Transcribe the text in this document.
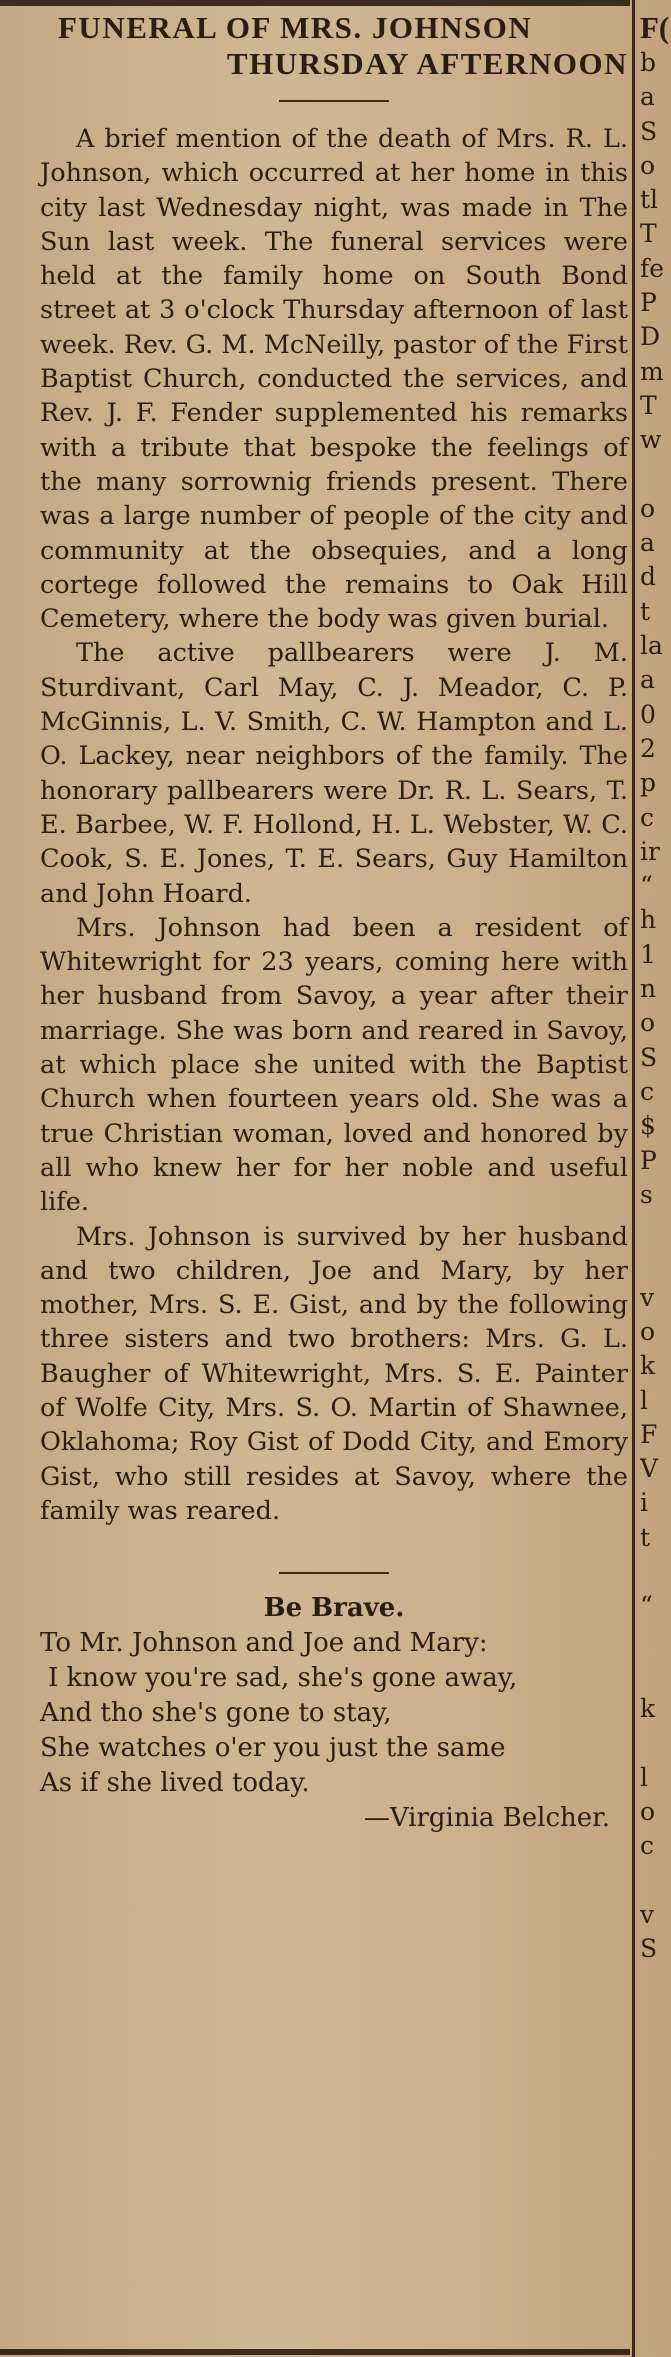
FUNERAL OF MRS. JOHNSON
THURSDAY AFTERNOON

A brief mention of the death of Mrs. R. L. Johnson, which occurred at her home in this city last Wednesday night, was made in The Sun last week. The funeral services were held at the family home on South Bond street at 3 o'clock Thursday afternoon of last week. Rev. G. M. McNeilly, pastor of the First Baptist Church, conducted the services, and Rev. J. F. Fender supplemented his remarks with a tribute that bespoke the feelings of the many sorrownig friends present. There was a large number of people of the city and community at the obsequies, and a long cortege followed the remains to Oak Hill Cemetery, where the body was given burial.

The active pallbearers were J. M. Sturdivant, Carl May, C. J. Meador, C. P. McGinnis, L. V. Smith, C. W. Hampton and L. O. Lackey, near neighbors of the family. The honorary pallbearers were Dr. R. L. Sears, T. E. Barbee, W. F. Hollond, H. L. Webster, W. C. Cook, S. E. Jones, T. E. Sears, Guy Hamilton and John Hoard.

Mrs. Johnson had been a resident of Whitewright for 23 years, coming here with her husband from Savoy, a year after their marriage. She was born and reared in Savoy, at which place she united with the Baptist Church when fourteen years old. She was a true Christian woman, loved and honored by all who knew her for her noble and useful life.

Mrs. Johnson is survived by her husband and two children, Joe and Mary, by her mother, Mrs. S. E. Gist, and by the following three sisters and two brothers: Mrs. G. L. Baugher of Whitewright, Mrs. S. E. Painter of Wolfe City, Mrs. S. O. Martin of Shawnee, Oklahoma; Roy Gist of Dodd City, and Emory Gist, who still resides at Savoy, where the family was reared.

Be Brave.
To Mr. Johnson and Joe and Mary:
I know you're sad, she's gone away,
And tho she's gone to stay,
She watches o'er you just the same
As if she lived today.
—Virginia Belcher.
F(
b
a
S
o
tl
T
fe
P
D
m
T
w

o
a
d
t
la
a
0
2
p
c
ir
“
h
1
n
o
S
c
$
P
s

v
o
k
l
F
V
i
t

“

k

l
o
c

v
S
